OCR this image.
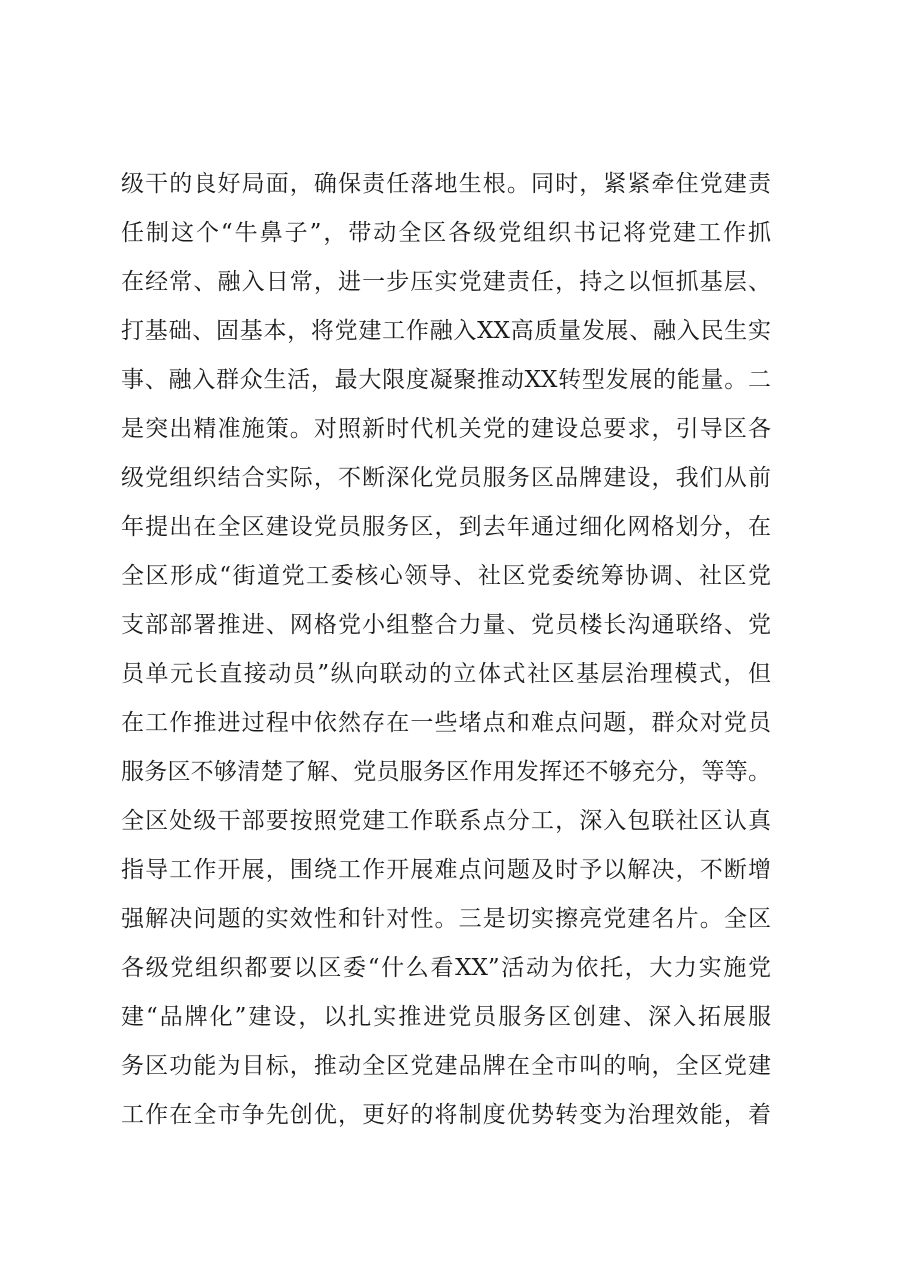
级干的良好局面，确保责任落地生根。同时，紧紧牵住党建责
任制这个“牛鼻子”，带动全区各级党组织书记将党建工作抓
在经常、融入日常，进一步压实党建责任，持之以恒抓基层、
打基础、固基本，将党建工作融入XX高质量发展、融入民生实
事、融入群众生活，最大限度凝聚推动XX转型发展的能量。二
是突出精准施策。对照新时代机关党的建设总要求，引导区各
级党组织结合实际，不断深化党员服务区品牌建设，我们从前
年提出在全区建设党员服务区，到去年通过细化网格划分，在
全区形成“街道党工委核心领导、社区党委统筹协调、社区党
支部部署推进、网格党小组整合力量、党员楼长沟通联络、党
员单元长直接动员”纵向联动的立体式社区基层治理模式，但
在工作推进过程中依然存在一些堵点和难点问题，群众对党员
服务区不够清楚了解、党员服务区作用发挥还不够充分，等等。
全区处级干部要按照党建工作联系点分工，深入包联社区认真
指导工作开展，围绕工作开展难点问题及时予以解决，不断增
强解决问题的实效性和针对性。三是切实擦亮党建名片。全区
各级党组织都要以区委“什么看XX”活动为依托，大力实施党
建“品牌化”建设，以扎实推进党员服务区创建、深入拓展服
务区功能为目标，推动全区党建品牌在全市叫的响，全区党建
工作在全市争先创优，更好的将制度优势转变为治理效能，着
